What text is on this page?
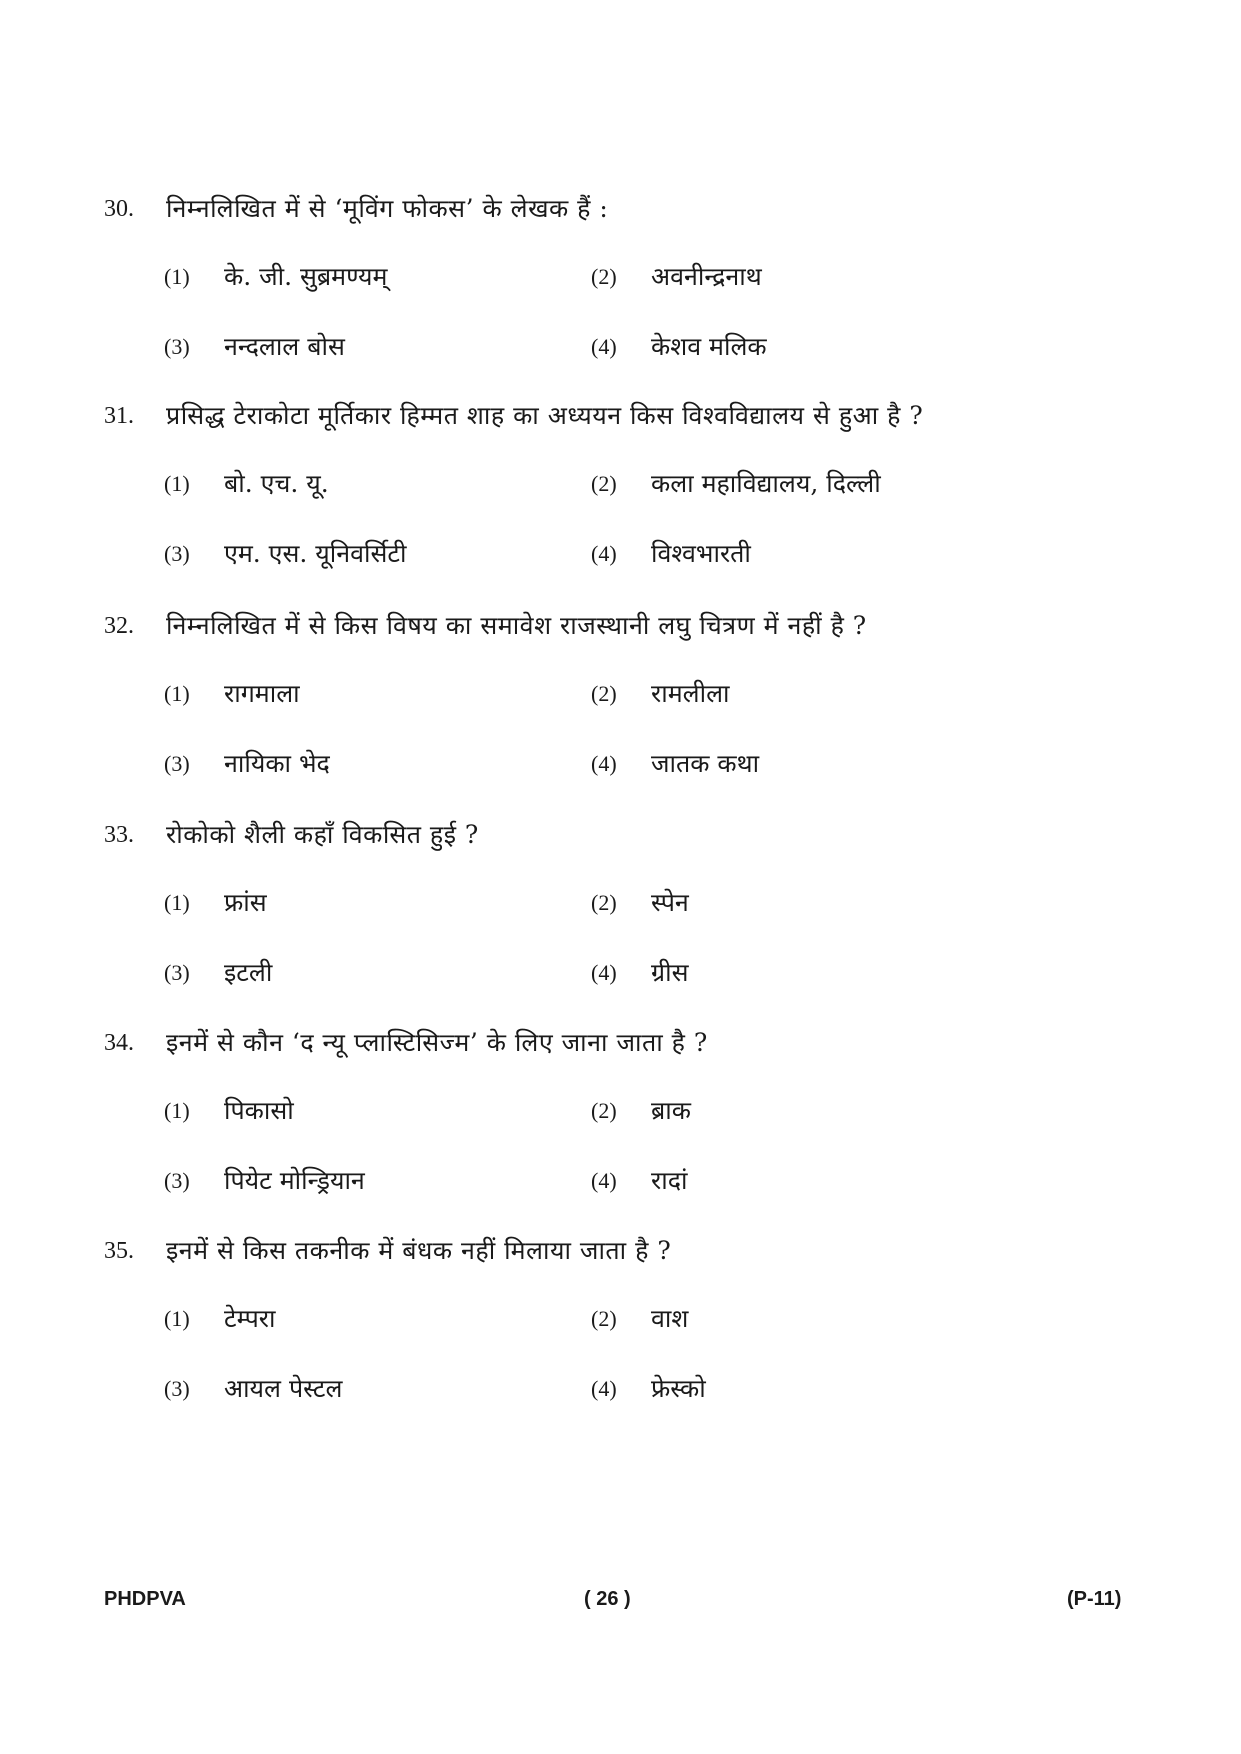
30. निम्नलिखित में से ‘मूविंग फोकस’ के लेखक हैं :
(1) के. जी. सुब्रमण्यम्	(2) अवनीन्द्रनाथ
(3) नन्दलाल बोस	(4) केशव मलिक
31. प्रसिद्ध टेराकोटा मूर्तिकार हिम्मत शाह का अध्ययन किस विश्वविद्यालय से हुआ है ?
(1) बो. एच. यू.	(2) कला महाविद्यालय, दिल्ली
(3) एम. एस. यूनिवर्सिटी	(4) विश्वभारती
32. निम्नलिखित में से किस विषय का समावेश राजस्थानी लघु चित्रण में नहीं है ?
(1) रागमाला	(2) रामलीला
(3) नायिका भेद	(4) जातक कथा
33. रोकोको शैली कहाँ विकसित हुई ?
(1) फ्रांस	(2) स्पेन
(3) इटली	(4) ग्रीस
34. इनमें से कौन ‘द न्यू प्लास्टिसिज्म’ के लिए जाना जाता है ?
(1) पिकासो	(2) ब्राक
(3) पियेट मोन्ड्रियान	(4) रादां
35. इनमें से किस तकनीक में बंधक नहीं मिलाया जाता है ?
(1) टेम्परा	(2) वाश
(3) आयल पेस्टल	(4) फ्रेस्को
PHDPVA	( 26 )	(P-11)
